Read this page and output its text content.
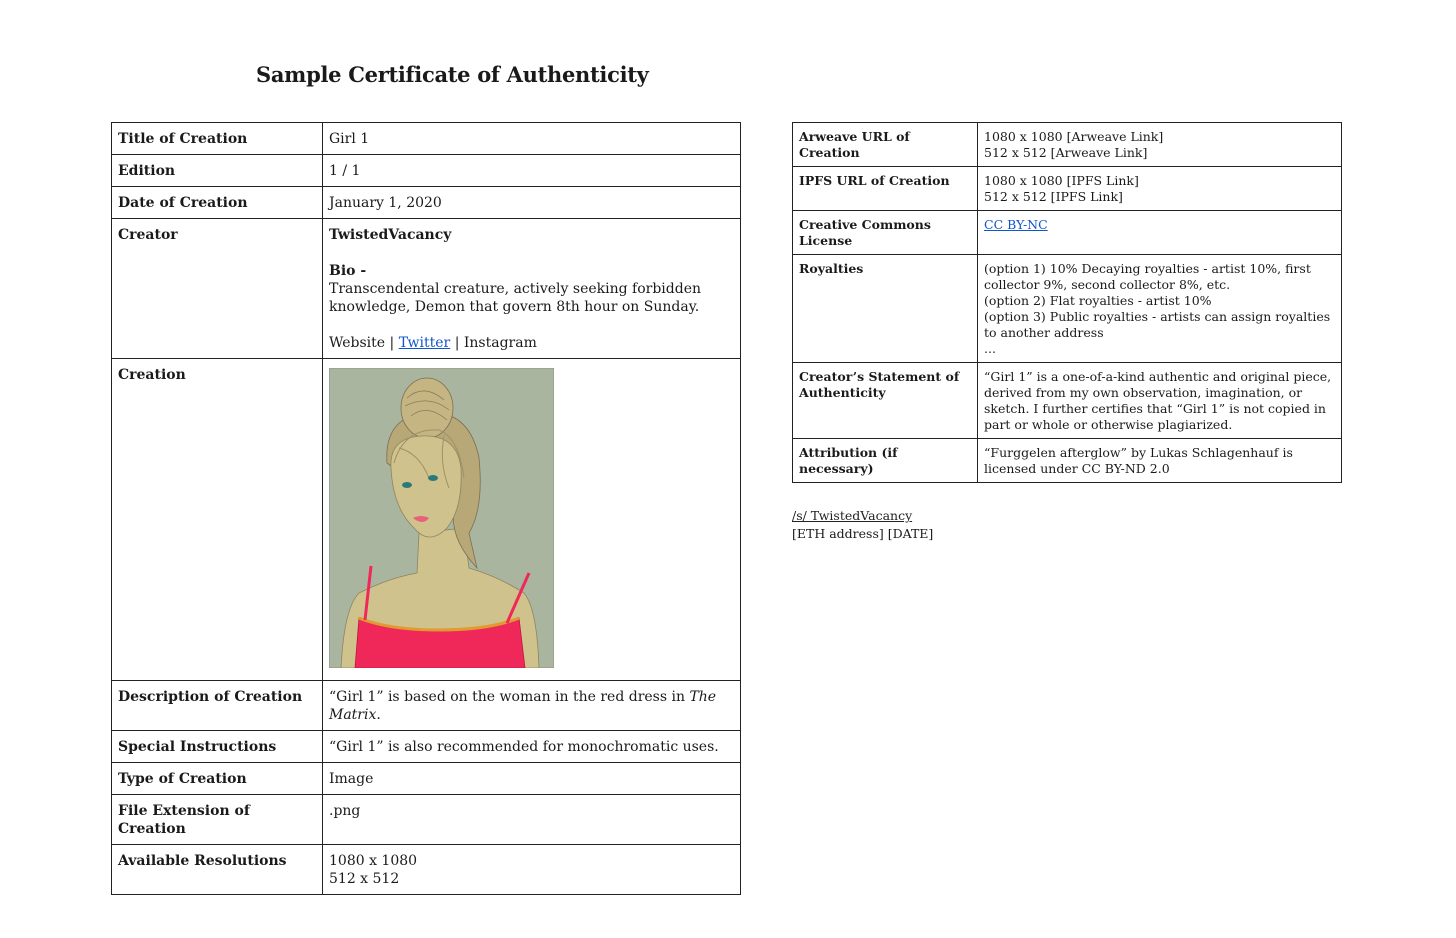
Sample Certificate of Authenticity
Title of Creation	Girl 1
Edition	1 / 1
Date of Creation	January 1, 2020
Creator	TwistedVacancy
Bio -
Transcendental creature, actively seeking forbidden knowledge, Demon that govern 8th hour on Sunday.
Website | Twitter | Instagram

Creation	

Description of Creation	“Girl 1” is based on the woman in the red dress in The Matrix.
Special Instructions	“Girl 1” is also recommended for monochromatic uses.
Type of Creation	Image
File Extension of Creation	.png
Available Resolutions	1080 x 1080
512 x 512
Arweave URL of Creation	1080 x 1080 [Arweave Link]
512 x 512 [Arweave Link]

IPFS URL of Creation	1080 x 1080 [IPFS Link]
512 x 512 [IPFS Link]

Creative Commons License	CC BY-NC
Royalties	(option 1) 10% Decaying royalties - artist 10%, first collector 9%, second collector 8%, etc.
(option 2) Flat royalties - artist 10%
(option 3) Public royalties - artists can assign royalties to another address
...

Creator’s Statement of Authenticity	“Girl 1” is a one-of-a-kind authentic and original piece, derived from my own observation, imagination, or sketch. I further certifies that “Girl 1” is not copied in part or whole or otherwise plagiarized.
Attribution (if necessary)	“Furggelen afterglow” by Lukas Schlagenhauf is licensed under CC BY-ND 2.0
/s/ TwistedVacancy
[ETH address] [DATE]
